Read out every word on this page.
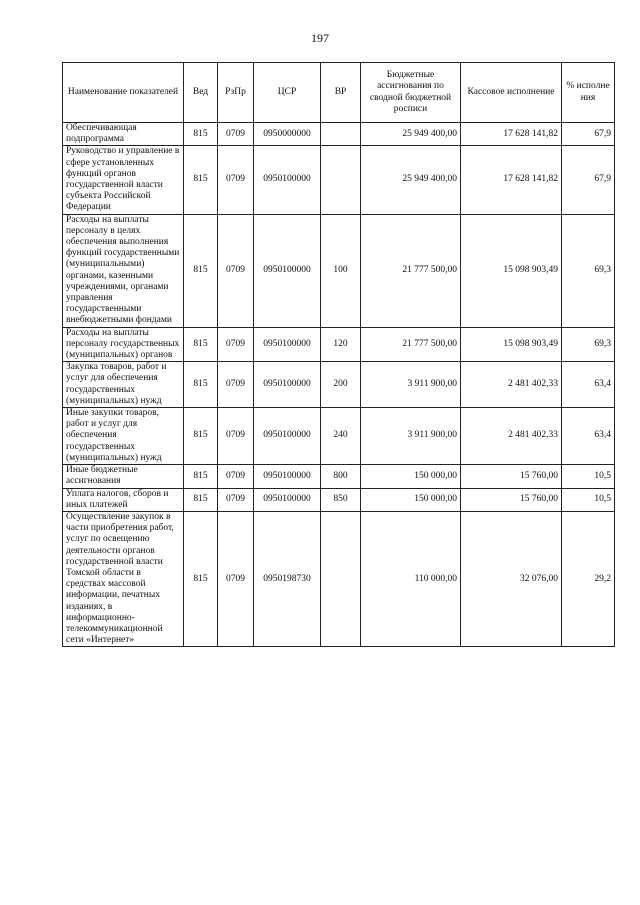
197
Наименование показателей	Вед	РзПр	ЦСР	ВР	Бюджетные ассигнования по сводной бюджетной росписи	Кассовое исполнение	% исполне ния
Обеспечивающая подпрограмма	815	0709	0950000000		25 949 400,00	17 628 141,82	67,9
Руководство и управление в сфере установленных функций органов государственной власти субъекта Российской Федерации	815	0709	0950100000		25 949 400,00	17 628 141,82	67,9
Расходы на выплаты персоналу в целях обеспечения выполнения функций государственными (муниципальными) органами, казенными учреждениями, органами управления государственными внебюджетными фондами	815	0709	0950100000	100	21 777 500,00	15 098 903,49	69,3
Расходы на выплаты персоналу государственных (муниципальных) органов	815	0709	0950100000	120	21 777 500,00	15 098 903,49	69,3
Закупка товаров, работ и услуг для обеспечения государственных (муниципальных) нужд	815	0709	0950100000	200	3 911 900,00	2 481 402,33	63,4
Иные закупки товаров, работ и услуг для обеспечения государственных (муниципальных) нужд	815	0709	0950100000	240	3 911 900,00	2 481 402,33	63,4
Иные бюджетные ассигнования	815	0709	0950100000	800	150 000,00	15 760,00	10,5
Уплата налогов, сборов и иных платежей	815	0709	0950100000	850	150 000,00	15 760,00	10,5
Осуществление закупок в части приобретения работ, услуг по освещению деятельности органов государственной власти Томской области в средствах массовой информации, печатных изданиях, в информационно-телекоммуникационной сети «Интернет»	815	0709	0950198730		110 000,00	32 076,00	29,2
